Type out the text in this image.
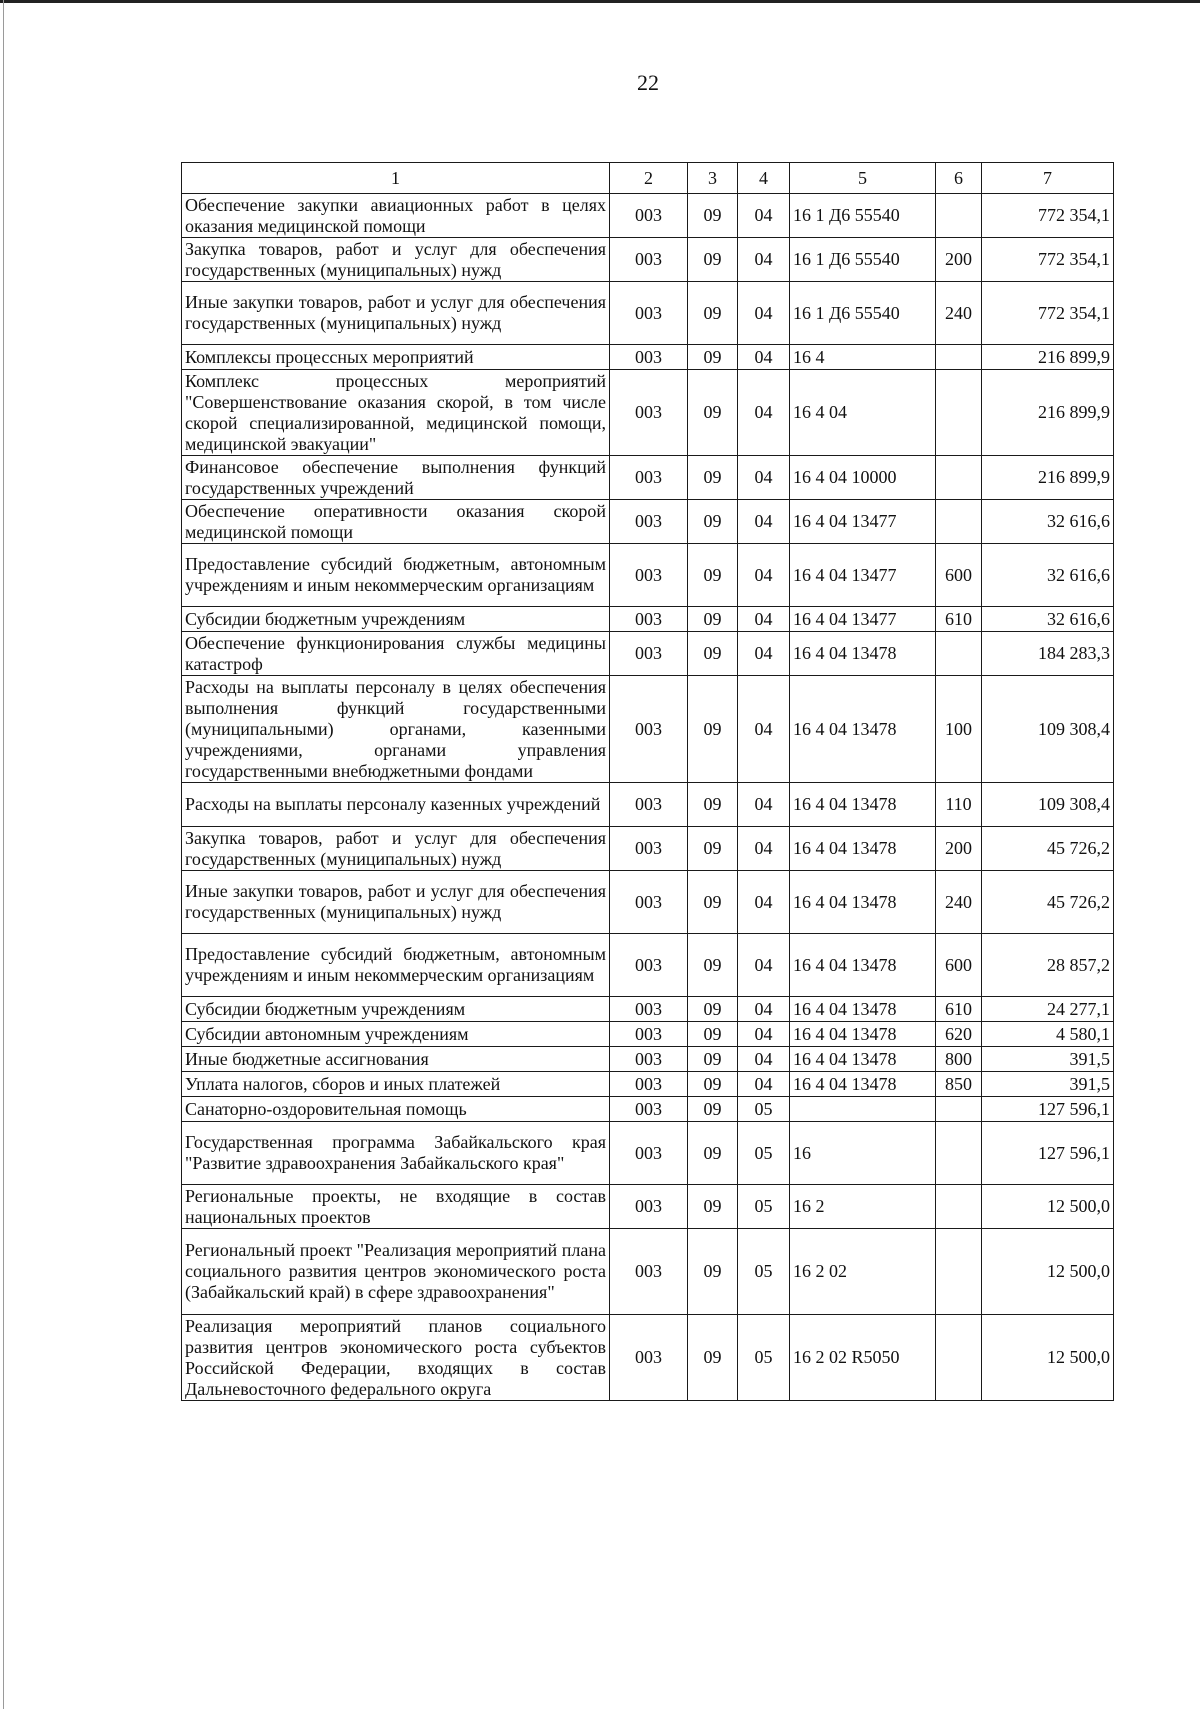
22
1	2	3	4	5	6	7
Обеспечение закупки авиационных работ в целях оказания медицинской помощи	003	09	04	16 1 Д6 55540		772 354,1
Закупка товаров, работ и услуг для обеспечения государственных (муниципальных) нужд	003	09	04	16 1 Д6 55540	200	772 354,1
Иные закупки товаров, работ и услуг для обеспечения государственных (муниципальных) нужд	003	09	04	16 1 Д6 55540	240	772 354,1
Комплексы процессных мероприятий	003	09	04	16 4		216 899,9
Комплекс процессных мероприятий "Совершенствование оказания скорой, в том числе скорой специализированной, медицинской помощи, медицинской эвакуации"	003	09	04	16 4 04		216 899,9
Финансовое обеспечение выполнения функций государственных учреждений	003	09	04	16 4 04 10000		216 899,9
Обеспечение оперативности оказания скорой медицинской помощи	003	09	04	16 4 04 13477		32 616,6
Предоставление субсидий бюджетным, автономным учреждениям и иным некоммерческим организациям	003	09	04	16 4 04 13477	600	32 616,6
Субсидии бюджетным учреждениям	003	09	04	16 4 04 13477	610	32 616,6
Обеспечение функционирования службы медицины катастроф	003	09	04	16 4 04 13478		184 283,3
Расходы на выплаты персоналу в целях обеспечения выполнения функций государственными (муниципальными) органами, казенными учреждениями, органами управления государственными внебюджетными фондами	003	09	04	16 4 04 13478	100	109 308,4
Расходы на выплаты персоналу казенных учреждений	003	09	04	16 4 04 13478	110	109 308,4
Закупка товаров, работ и услуг для обеспечения государственных (муниципальных) нужд	003	09	04	16 4 04 13478	200	45 726,2
Иные закупки товаров, работ и услуг для обеспечения государственных (муниципальных) нужд	003	09	04	16 4 04 13478	240	45 726,2
Предоставление субсидий бюджетным, автономным учреждениям и иным некоммерческим организациям	003	09	04	16 4 04 13478	600	28 857,2
Субсидии бюджетным учреждениям	003	09	04	16 4 04 13478	610	24 277,1
Субсидии автономным учреждениям	003	09	04	16 4 04 13478	620	4 580,1
Иные бюджетные ассигнования	003	09	04	16 4 04 13478	800	391,5
Уплата налогов, сборов и иных платежей	003	09	04	16 4 04 13478	850	391,5
Санаторно-оздоровительная помощь	003	09	05			127 596,1
Государственная программа Забайкальского края "Развитие здравоохранения Забайкальского края"	003	09	05	16		127 596,1
Региональные проекты, не входящие в состав национальных проектов	003	09	05	16 2		12 500,0
Региональный проект "Реализация мероприятий плана социального развития центров экономического роста (Забайкальский край) в сфере здравоохранения"	003	09	05	16 2 02		12 500,0
Реализация мероприятий планов социального развития центров экономического роста субъектов Российской Федерации, входящих в состав Дальневосточного федерального округа	003	09	05	16 2 02 R5050		12 500,0
